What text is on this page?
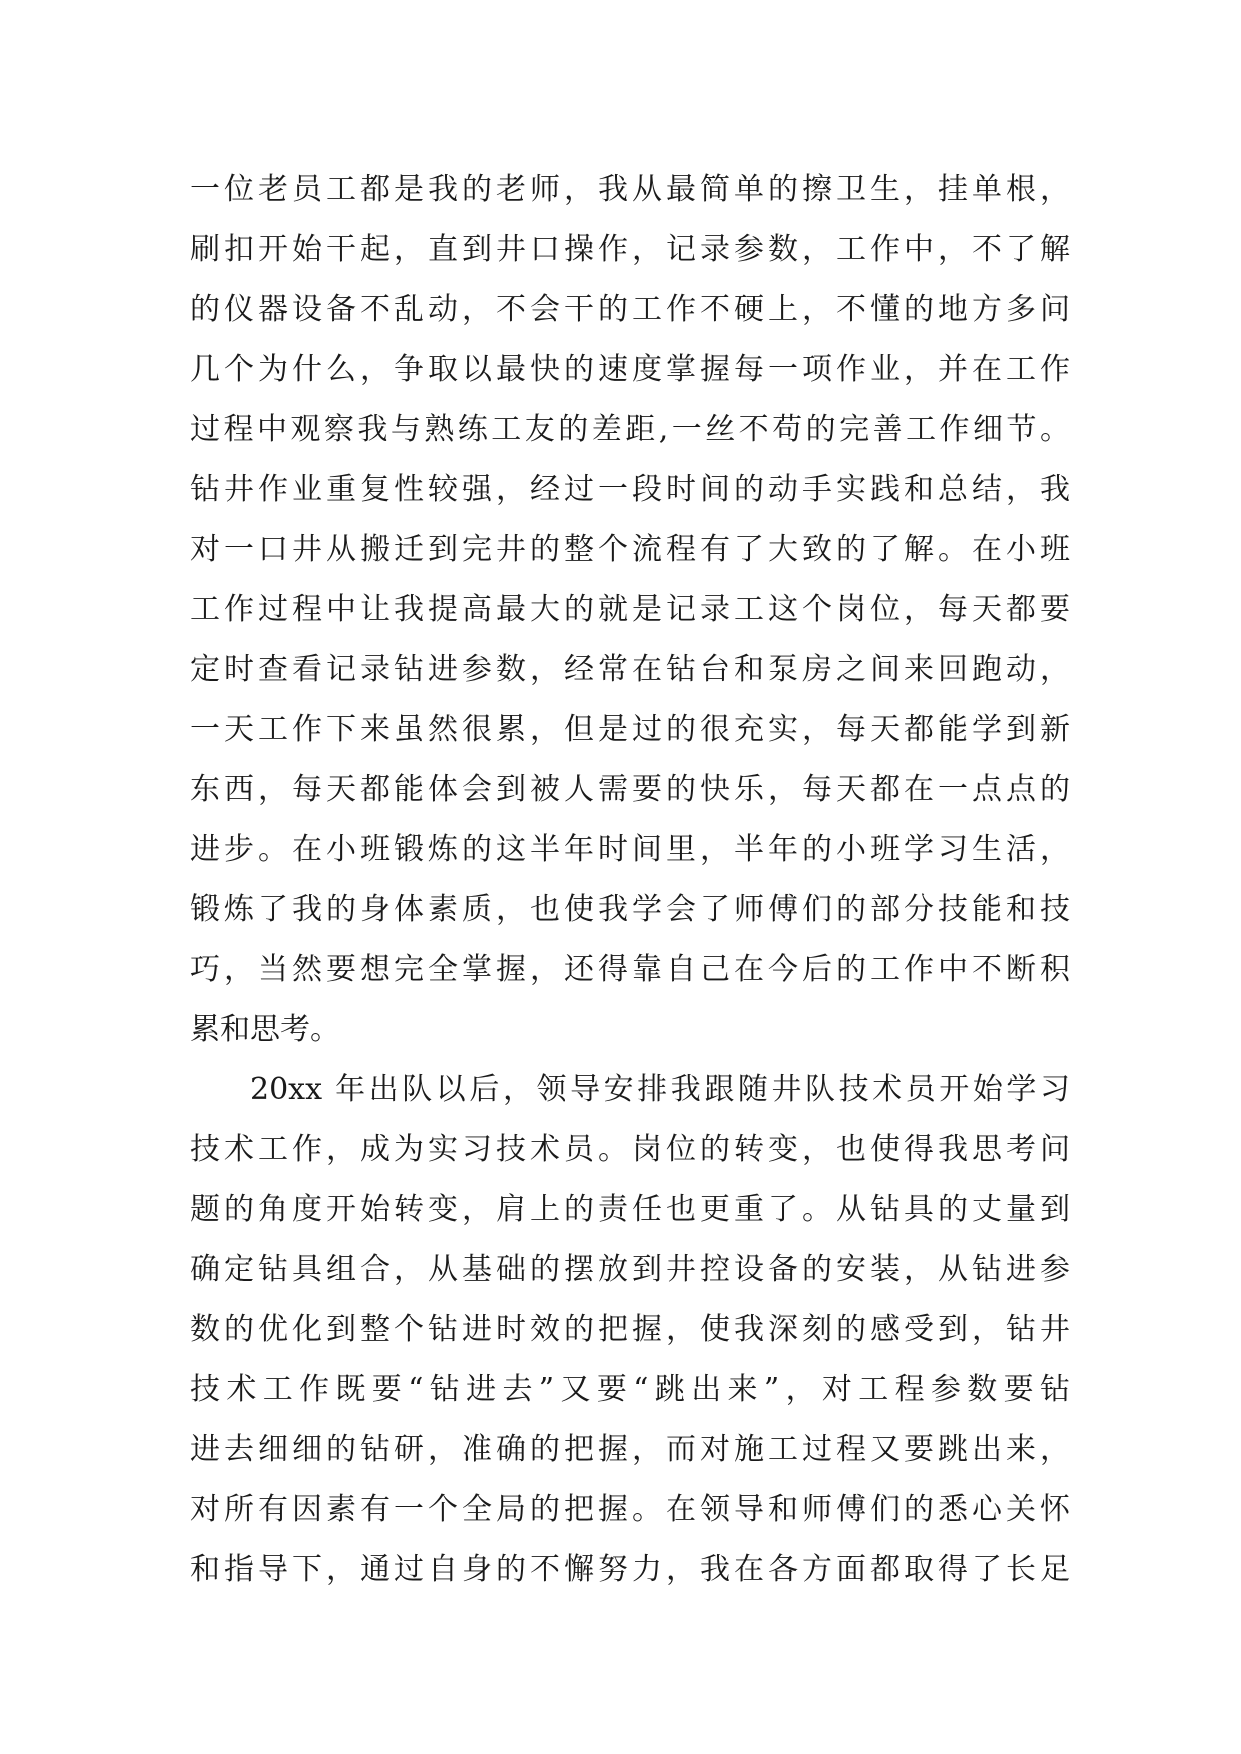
一位老员工都是我的老师，我从最简单的擦卫生，挂单根，
刷扣开始干起，直到井口操作，记录参数，工作中，不了解
的仪器设备不乱动，不会干的工作不硬上，不懂的地方多问
几个为什么，争取以最快的速度掌握每一项作业，并在工作
过程中观察我与熟练工友的差距,一丝不苟的完善工作细节。
钻井作业重复性较强，经过一段时间的动手实践和总结，我
对一口井从搬迁到完井的整个流程有了大致的了解。在小班
工作过程中让我提高最大的就是记录工这个岗位，每天都要
定时查看记录钻进参数，经常在钻台和泵房之间来回跑动，
一天工作下来虽然很累，但是过的很充实，每天都能学到新
东西，每天都能体会到被人需要的快乐，每天都在一点点的
进步。在小班锻炼的这半年时间里，半年的小班学习生活，
锻炼了我的身体素质，也使我学会了师傅们的部分技能和技
巧，当然要想完全掌握，还得靠自己在今后的工作中不断积
累和思考。
20xx 年出队以后，领导安排我跟随井队技术员开始学习
技术工作，成为实习技术员。岗位的转变，也使得我思考问
题的角度开始转变，肩上的责任也更重了。从钻具的丈量到
确定钻具组合，从基础的摆放到井控设备的安装，从钻进参
数的优化到整个钻进时效的把握，使我深刻的感受到，钻井
技术工作既要“钻进去”又要“跳出来”，对工程参数要钻
进去细细的钻研，准确的把握，而对施工过程又要跳出来，
对所有因素有一个全局的把握。在领导和师傅们的悉心关怀
和指导下，通过自身的不懈努力，我在各方面都取得了长足
